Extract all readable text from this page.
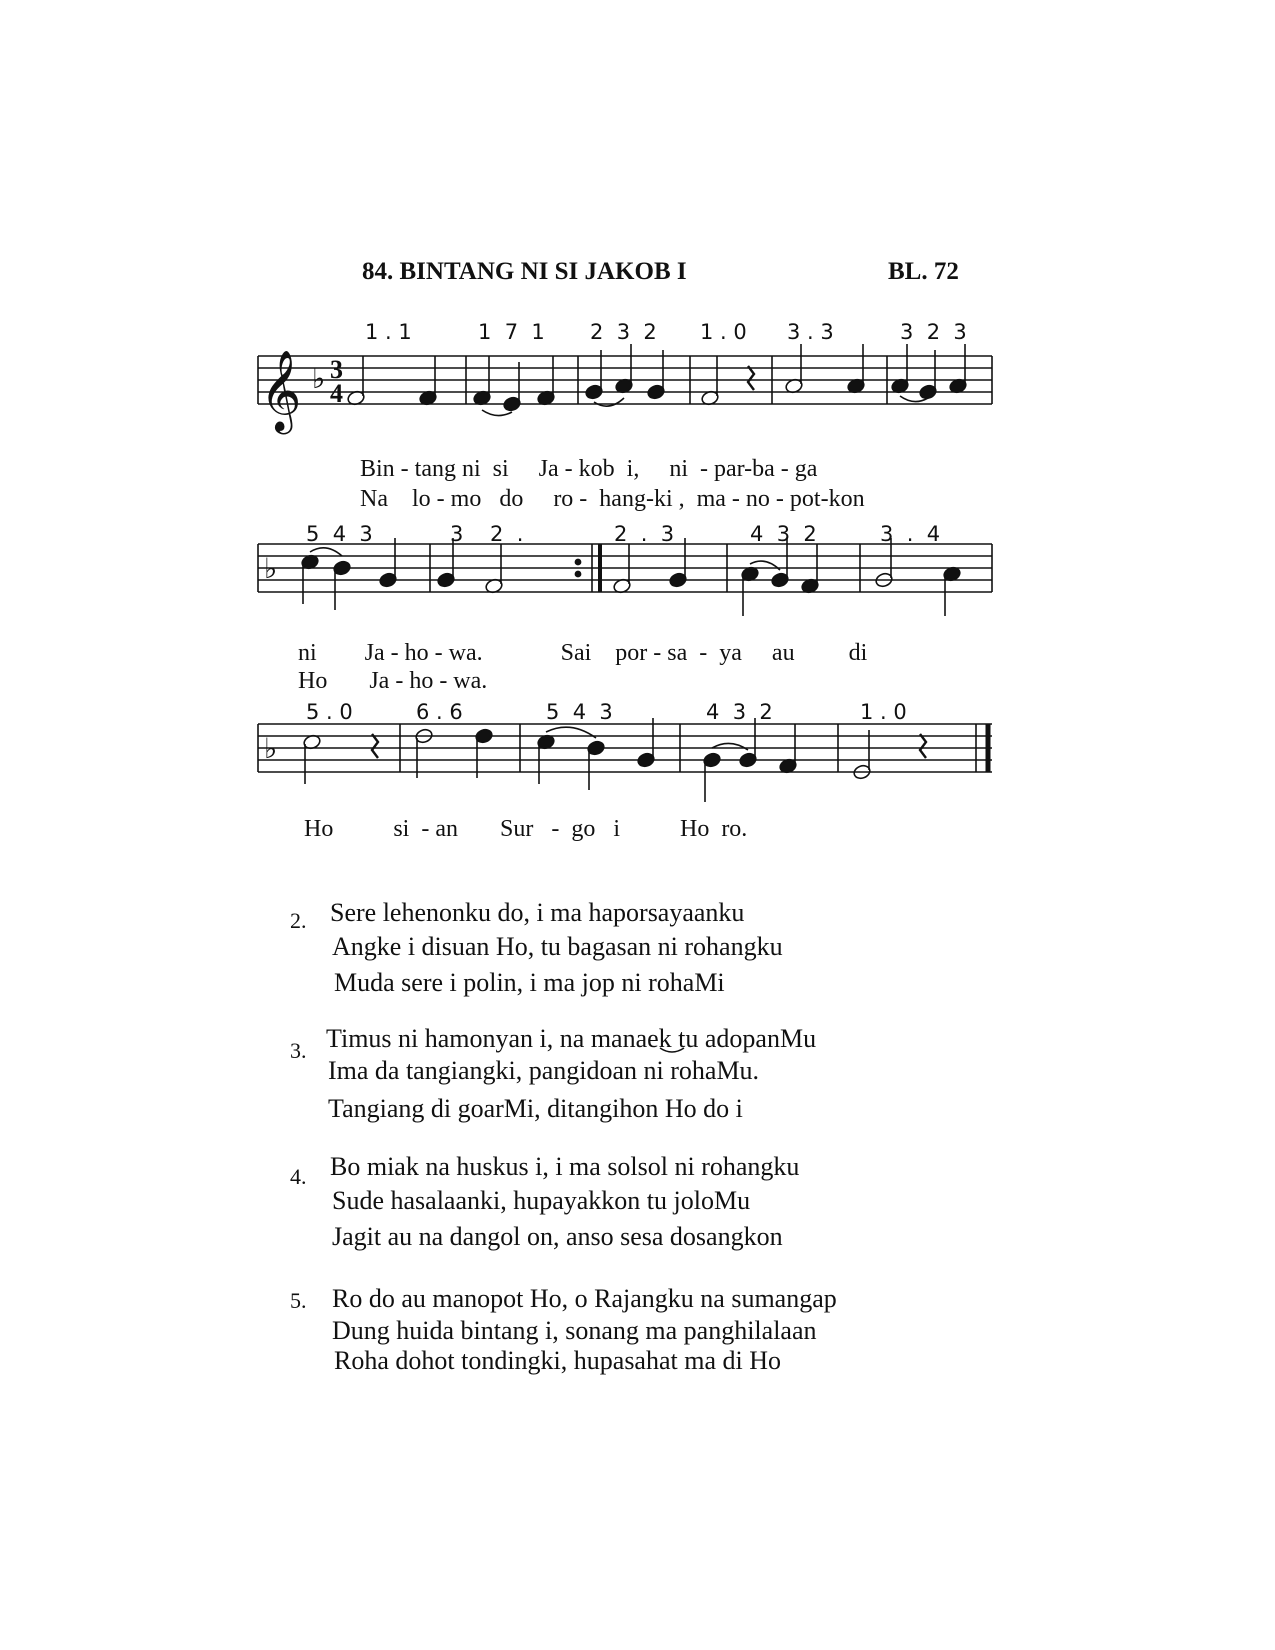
84. BINTANG NI SI JAKOB I	BL. 72
1 . 1	1  7  1 2  3  2 1 . 0 3 . 3	3  2  3
𝄞 ♭
♭
♭
3
4
Bin - tang ni  si     Ja - kob  i,     ni  - par-ba - ga
Na    lo - mo   do     ro -  hang-ki ,  ma - no - pot-kon
5  4  3	3    2  .	2  .  3	4  3  2	3  .  4
ni        Ja - ho - wa.             Sai    por - sa  -  ya     au         di
Ho       Ja - ho - wa.
5 . 0	6 . 6	5  4  3	4  3  2	1 . 0
Ho          si  - an       Sur   -  go   i          Ho  ro.
2. Sere lehenonku do, i ma haporsayaanku
Angke i disuan Ho, tu bagasan ni rohangku
Muda sere i polin, i ma jop ni rohaMi
3. Timus ni hamonyan i, na manaek tu adopanMu
Ima da tangiangki, pangidoan ni rohaMu.
Tangiang di goarMi, ditangihon Ho do i
4. Bo miak na huskus i, i ma solsol ni rohangku
Sude hasalaanki, hupayakkon tu joloMu
Jagit au na dangol on, anso sesa dosangkon
5. Ro do au manopot Ho, o Rajangku na sumangap
Dung huida bintang i, sonang ma panghilalaan
Roha dohot tondingki, hupasahat ma di Ho
